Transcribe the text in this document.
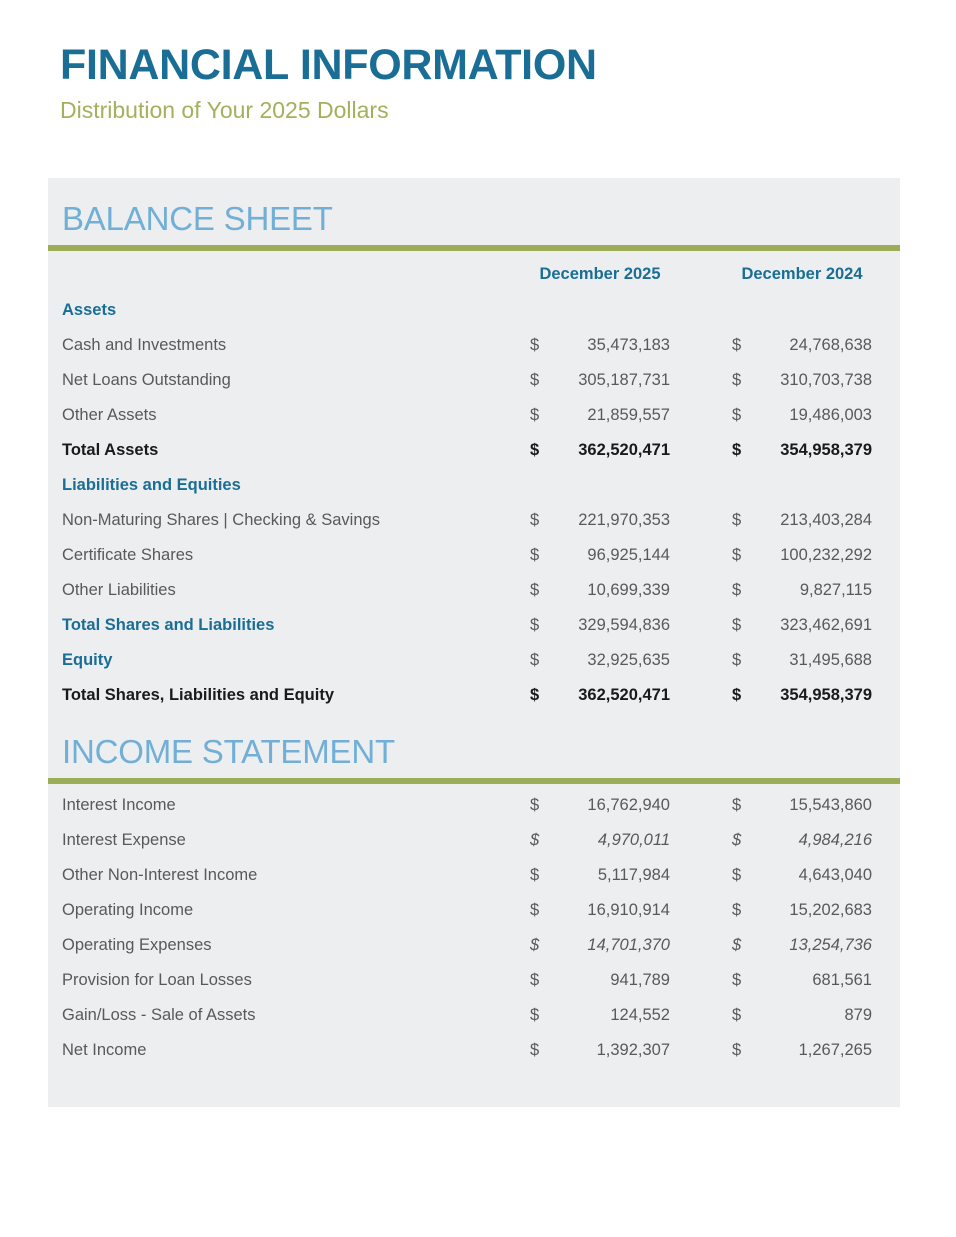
FINANCIAL INFORMATION
Distribution of Your 2025 Dollars
BALANCE SHEET

	December 2025	December 2024

Assets		
Cash and Investments	$ 35,473,183	$ 24,768,638

Net Loans Outstanding	$ 305,187,731	$ 310,703,738

Other Assets	$ 21,859,557	$ 19,486,003

Total Assets	$ 362,520,471	$ 354,958,379

Liabilities and Equities		
Non-Maturing Shares | Checking & Savings	$ 221,970,353	$ 213,403,284

Certificate Shares	$ 96,925,144	$ 100,232,292

Other Liabilities	$ 10,699,339	$ 9,827,115

Total Shares and Liabilities	$ 329,594,836	$ 323,462,691

Equity	$ 32,925,635	$ 31,495,688

Total Shares, Liabilities and Equity	$ 362,520,471	$ 354,958,379
INCOME STATEMENT
Interest Income	$ 16,762,940	$ 15,543,860

Interest Expense	$ 4,970,011	$ 4,984,216

Other Non-Interest Income	$ 5,117,984	$ 4,643,040

Operating Income	$ 16,910,914	$ 15,202,683

Operating Expenses	$ 14,701,370	$ 13,254,736

Provision for Loan Losses	$ 941,789	$ 681,561

Gain/Loss - Sale of Assets	$ 124,552	$ 879

Net Income	$ 1,392,307	$ 1,267,265
